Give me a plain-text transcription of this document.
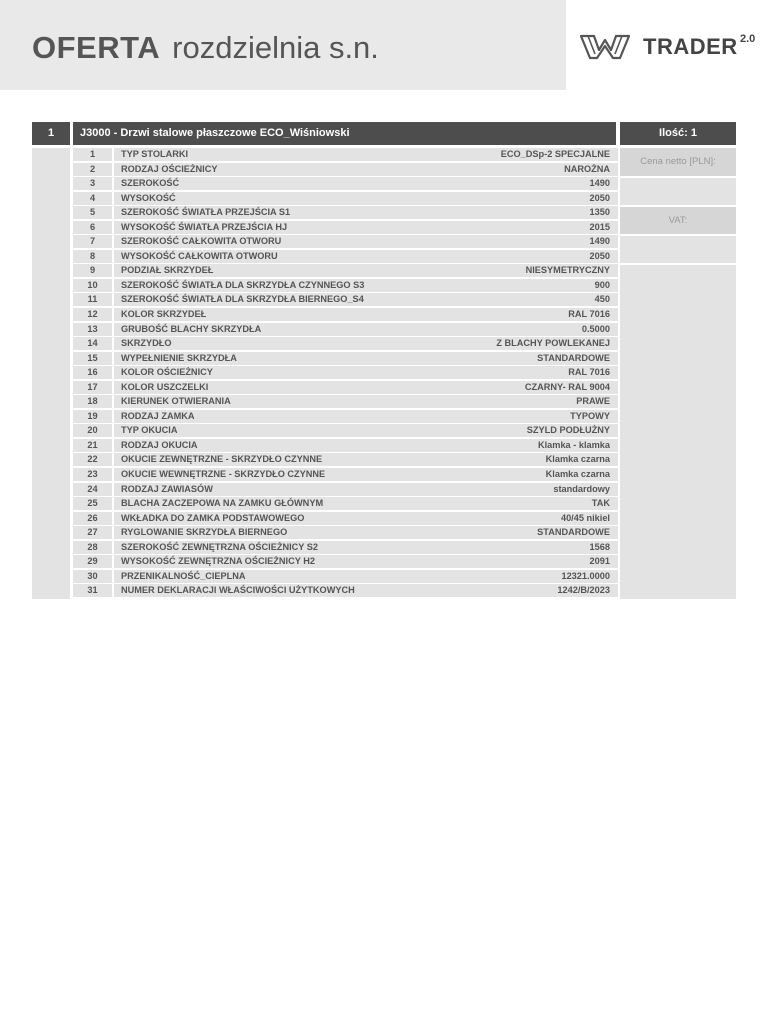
OFERTA rozdzielnia s.n.	TRADER 2.0
1	J3000 - Drzwi stalowe płaszczowe ECO_Wiśniowski	Ilość: 1
1	TYP STOLARKI	ECO_DSp-2 SPECJALNE
2	RODZAJ OŚCIEŻNICY	NAROŻNA
3	SZEROKOŚĆ	1490
4	WYSOKOŚĆ	2050
5	SZEROKOŚĆ ŚWIATŁA PRZEJŚCIA S1	1350
6	WYSOKOŚĆ ŚWIATŁA PRZEJŚCIA HJ	2015
7	SZEROKOŚĆ CAŁKOWITA OTWORU	1490
8	WYSOKOŚĆ CAŁKOWITA OTWORU	2050
9	PODZIAŁ SKRZYDEŁ	NIESYMETRYCZNY
10	SZEROKOŚĆ ŚWIATŁA DLA SKRZYDŁA CZYNNEGO S3	900
11	SZEROKOŚĆ ŚWIATŁA DLA SKRZYDŁA BIERNEGO_S4	450
12	KOLOR SKRZYDEŁ	RAL 7016
13	GRUBOŚĆ BLACHY SKRZYDŁA	0.5000
14	SKRZYDŁO	Z BLACHY POWLEKANEJ
15	WYPEŁNIENIE SKRZYDŁA	STANDARDOWE
16	KOLOR OŚCIEŻNICY	RAL 7016
17	KOLOR USZCZELKI	CZARNY- RAL 9004
18	KIERUNEK OTWIERANIA	PRAWE
19	RODZAJ ZAMKA	TYPOWY
20	TYP OKUCIA	SZYLD PODŁUŻNY
21	RODZAJ OKUCIA	Klamka - klamka
22	OKUCIE ZEWNĘTRZNE - SKRZYDŁO CZYNNE	Klamka czarna
23	OKUCIE WEWNĘTRZNE - SKRZYDŁO CZYNNE	Klamka czarna
24	RODZAJ ZAWIASÓW	standardowy
25	BLACHA ZACZEPOWA NA ZAMKU GŁÓWNYM	TAK
26	WKŁADKA DO ZAMKA PODSTAWOWEGO	40/45 nikiel
27	RYGLOWANIE SKRZYDŁA BIERNEGO	STANDARDOWE
28	SZEROKOŚĆ ZEWNĘTRZNA OŚCIEŻNICY S2	1568
29	WYSOKOŚĆ ZEWNĘTRZNA OŚCIEŻNICY H2	2091
30	PRZENIKALNOŚĆ_CIEPLNA	12321.0000
31	NUMER DEKLARACJI WŁAŚCIWOŚCI UŻYTKOWYCH	1242/B/2023
Cena netto [PLN]:
VAT:
